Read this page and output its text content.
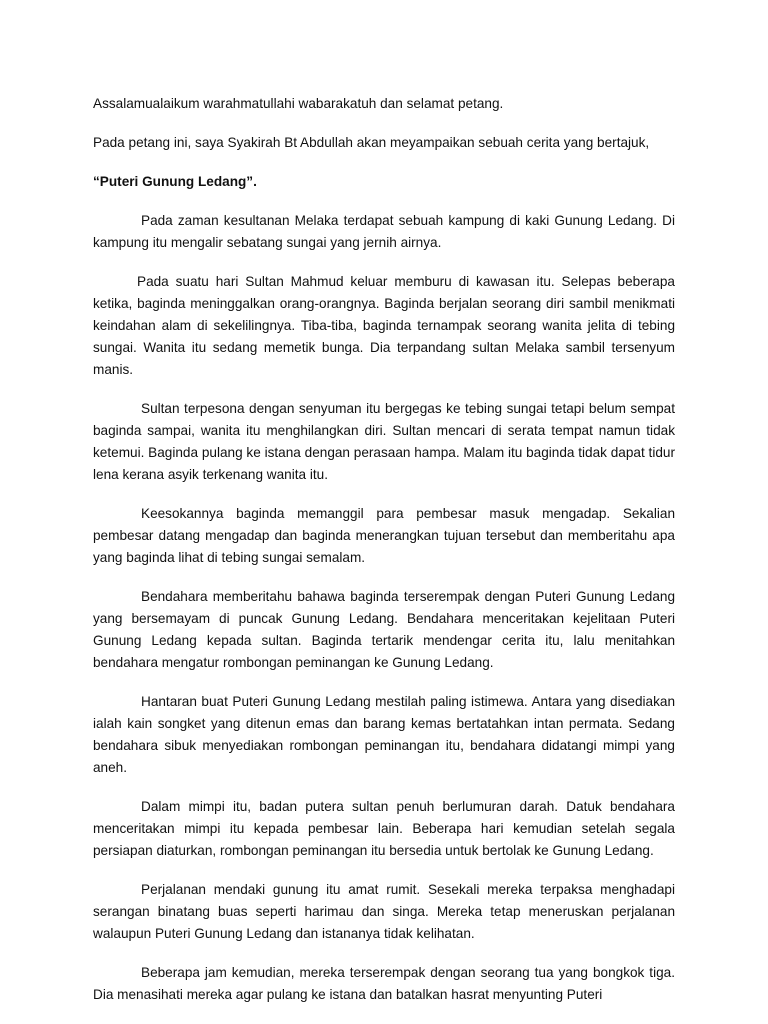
Assalamualaikum warahmatullahi wabarakatuh dan selamat petang.
Pada petang ini, saya Syakirah Bt Abdullah akan meyampaikan sebuah cerita yang bertajuk,
“Puteri Gunung Ledang”.

Pada zaman kesultanan Melaka terdapat sebuah kampung di kaki Gunung Ledang. Di kampung itu mengalir sebatang sungai yang jernih airnya.

Pada suatu hari Sultan Mahmud keluar memburu di kawasan itu. Selepas beberapa ketika, baginda meninggalkan orang-orangnya. Baginda berjalan seorang diri sambil menikmati keindahan alam di sekelilingnya. Tiba-tiba, baginda ternampak seorang wanita jelita di tebing sungai. Wanita itu sedang memetik bunga. Dia terpandang sultan Melaka sambil tersenyum manis.

Sultan terpesona dengan senyuman itu bergegas ke tebing sungai tetapi belum sempat baginda sampai, wanita itu menghilangkan diri. Sultan mencari di serata tempat namun tidak ketemui. Baginda pulang ke istana dengan perasaan hampa. Malam itu baginda tidak dapat tidur lena kerana asyik terkenang wanita itu.

Keesokannya baginda memanggil para pembesar masuk mengadap. Sekalian pembesar datang mengadap dan baginda menerangkan tujuan tersebut dan memberitahu apa yang baginda lihat di tebing sungai semalam.

Bendahara memberitahu bahawa baginda terserempak dengan Puteri Gunung Ledang yang bersemayam di puncak Gunung Ledang. Bendahara menceritakan kejelitaan Puteri Gunung Ledang kepada sultan. Baginda tertarik mendengar cerita itu, lalu menitahkan bendahara mengatur rombongan peminangan ke Gunung Ledang.

Hantaran buat Puteri Gunung Ledang mestilah paling istimewa. Antara yang disediakan ialah kain songket yang ditenun emas dan barang kemas bertatahkan intan permata. Sedang bendahara sibuk menyediakan rombongan peminangan itu, bendahara didatangi mimpi yang aneh.

Dalam mimpi itu, badan putera sultan penuh berlumuran darah. Datuk bendahara menceritakan mimpi itu kepada pembesar lain. Beberapa hari kemudian setelah segala persiapan diaturkan, rombongan peminangan itu bersedia untuk bertolak ke Gunung Ledang.

Perjalanan mendaki gunung itu amat rumit. Sesekali mereka terpaksa menghadapi serangan binatang buas seperti harimau dan singa. Mereka tetap meneruskan perjalanan walaupun Puteri Gunung Ledang dan istananya tidak kelihatan.

Beberapa jam kemudian, mereka terserempak dengan seorang tua yang bongkok tiga. Dia menasihati mereka agar pulang ke istana dan batalkan hasrat menyunting Puteri
